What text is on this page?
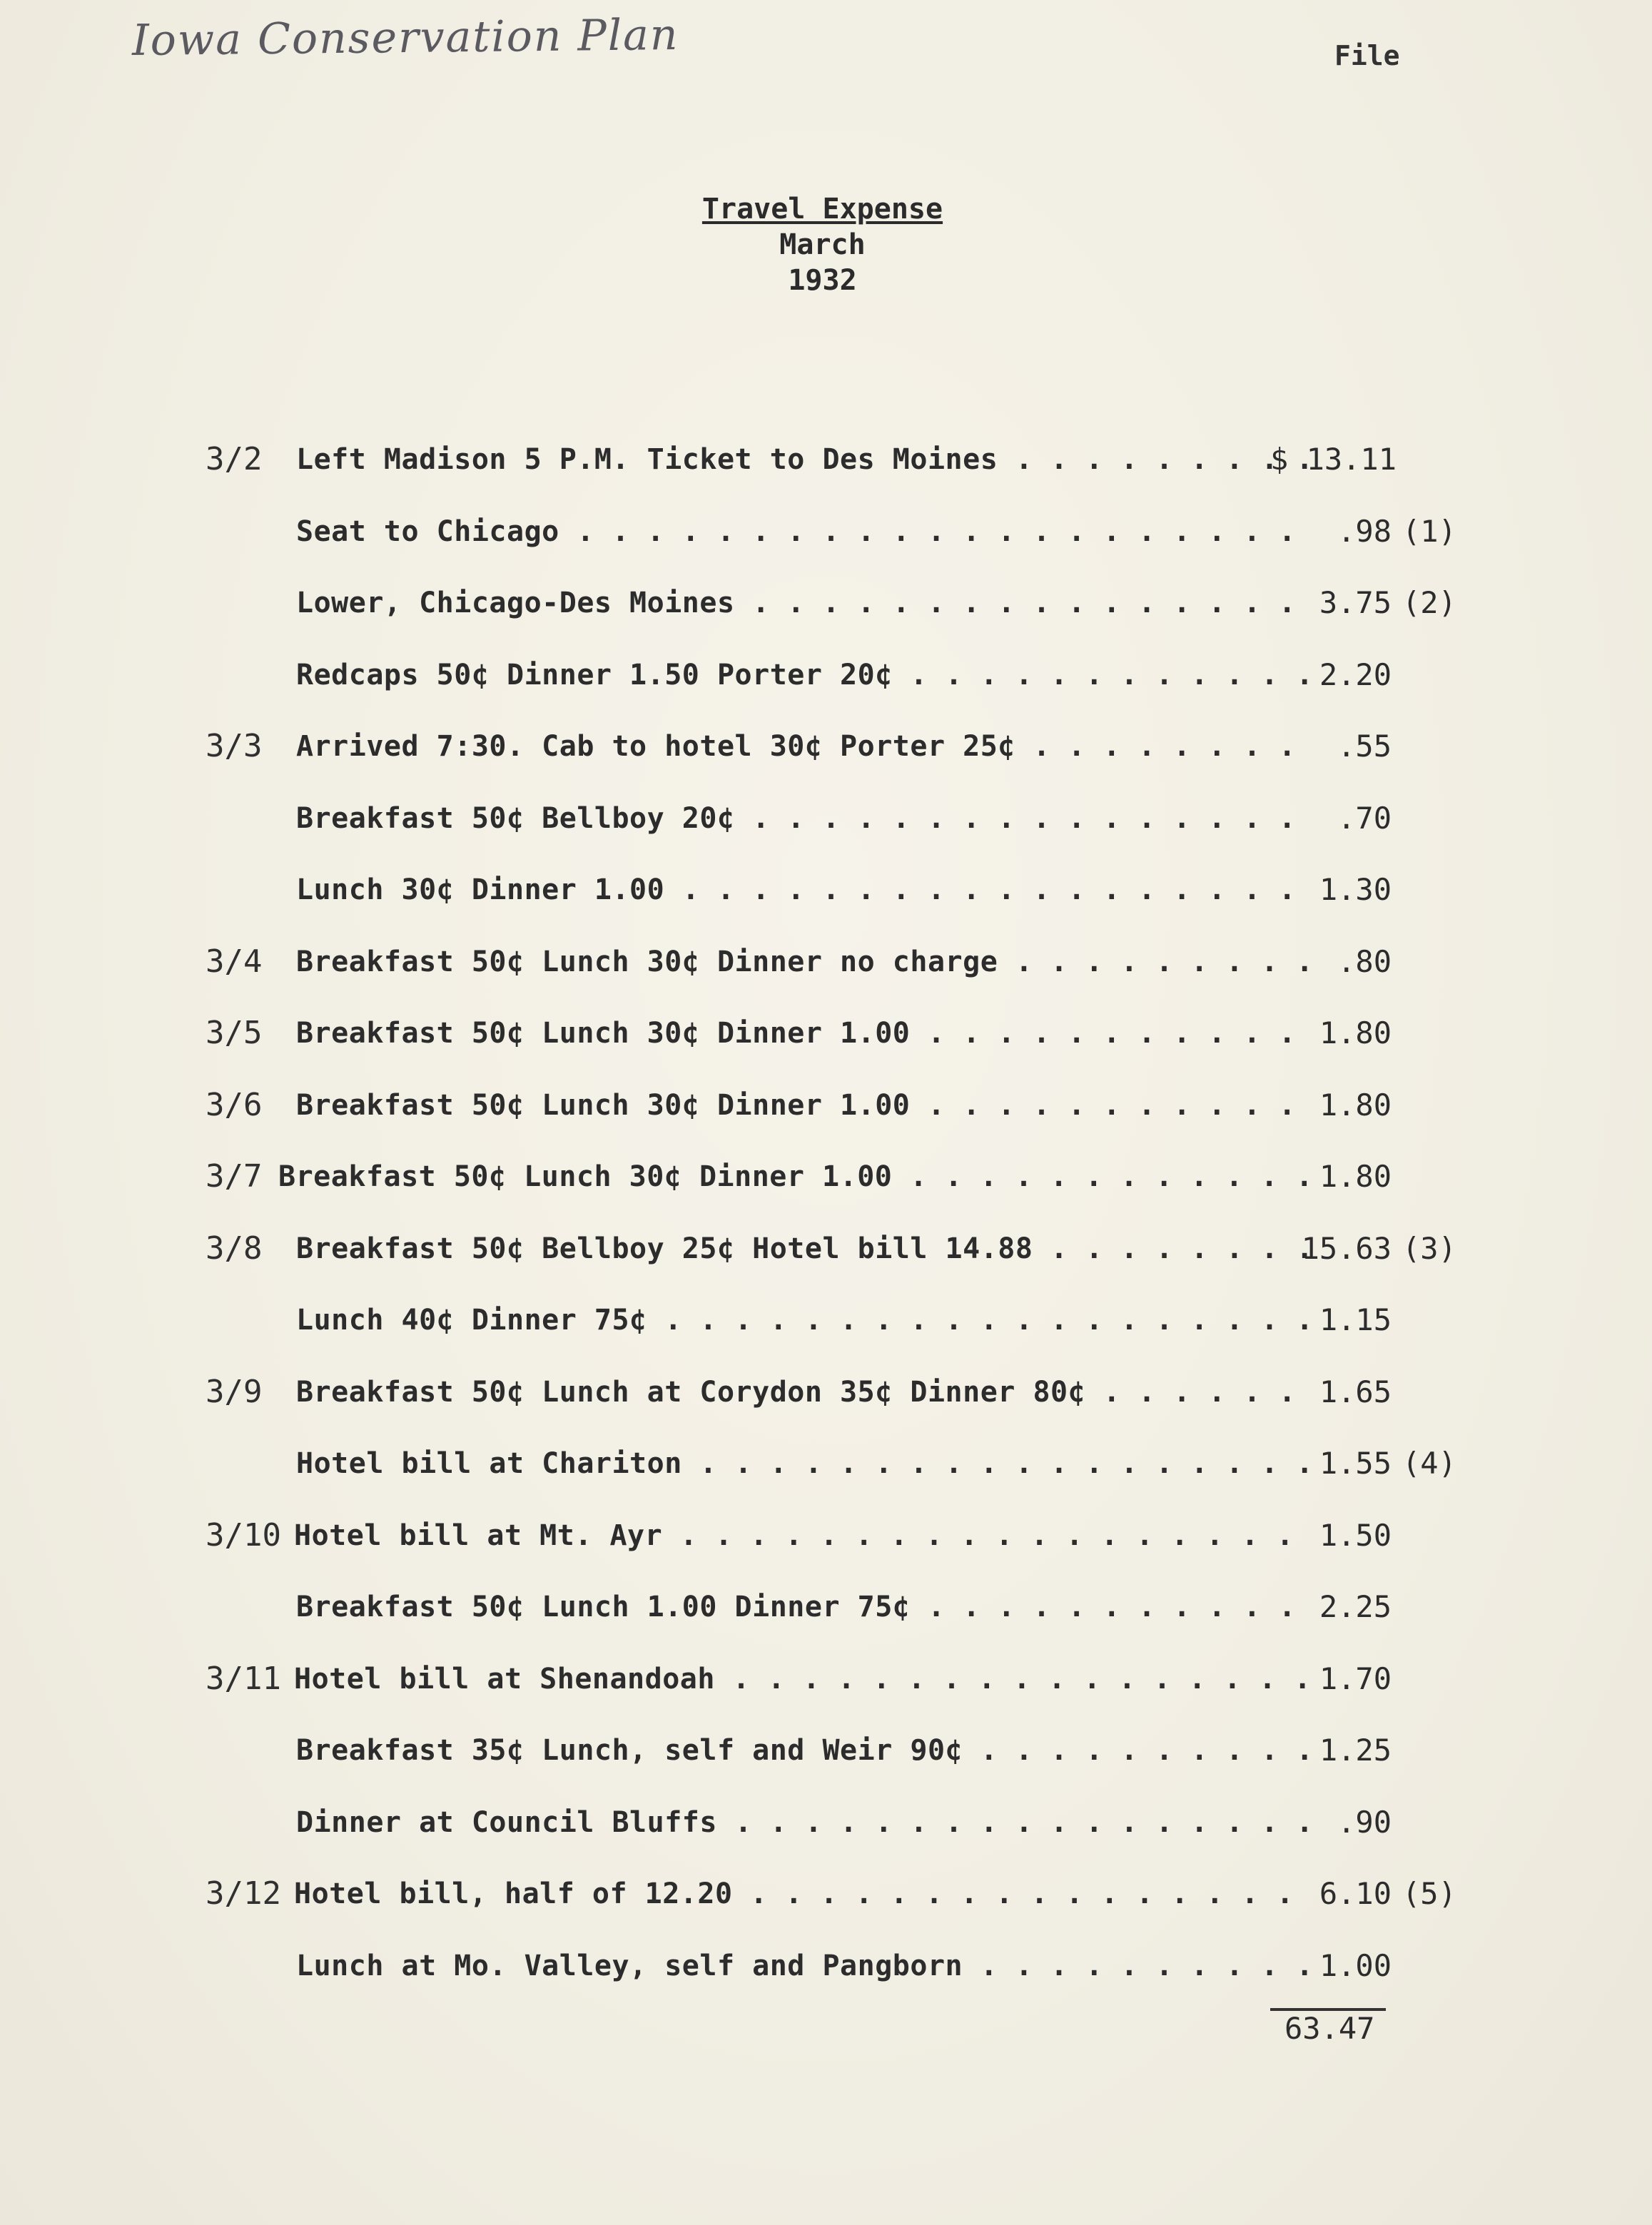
Iowa Conservation Plan	File
Travel Expense
March
1932
3/2 Left Madison 5 P.M. Ticket to Des Moines . . .	$ 13.11
Seat to Chicago . . .	.98 (1)
Lower, Chicago-Des Moines . . .	3.75 (2)
Redcaps 50¢ Dinner 1.50 Porter 20¢ . . .	2.20
3/3 Arrived 7:30. Cab to hotel 30¢ Porter 25¢ . . .	.55
Breakfast 50¢ Bellboy 20¢ . . .	.70
Lunch 30¢ Dinner 1.00 . . .	1.30
3/4 Breakfast 50¢ Lunch 30¢ Dinner no charge . . .	.80
3/5 Breakfast 50¢ Lunch 30¢ Dinner 1.00 . . .	1.80
3/6 Breakfast 50¢ Lunch 30¢ Dinner 1.00 . . .	1.80
3/7 Breakfast 50¢ Lunch 30¢ Dinner 1.00 . . .	1.80
3/8 Breakfast 50¢ Bellboy 25¢ Hotel bill 14.88 . . .	15.63 (3)
Lunch 40¢ Dinner 75¢ . . .	1.15
3/9 Breakfast 50¢ Lunch at Corydon 35¢ Dinner 80¢ . . .	1.65
Hotel bill at Chariton . . .	1.55 (4)
3/10 Hotel bill at Mt. Ayr . . .	1.50
Breakfast 50¢ Lunch 1.00 Dinner 75¢ . . .	2.25
3/11 Hotel bill at Shenandoah . . .	1.70
Breakfast 35¢ Lunch, self and Weir 90¢ . . .	1.25
Dinner at Council Bluffs . . .	.90
3/12 Hotel bill, half of 12.20 . . .	6.10 (5)
Lunch at Mo. Valley, self and Pangborn . . .	1.00
63.47
